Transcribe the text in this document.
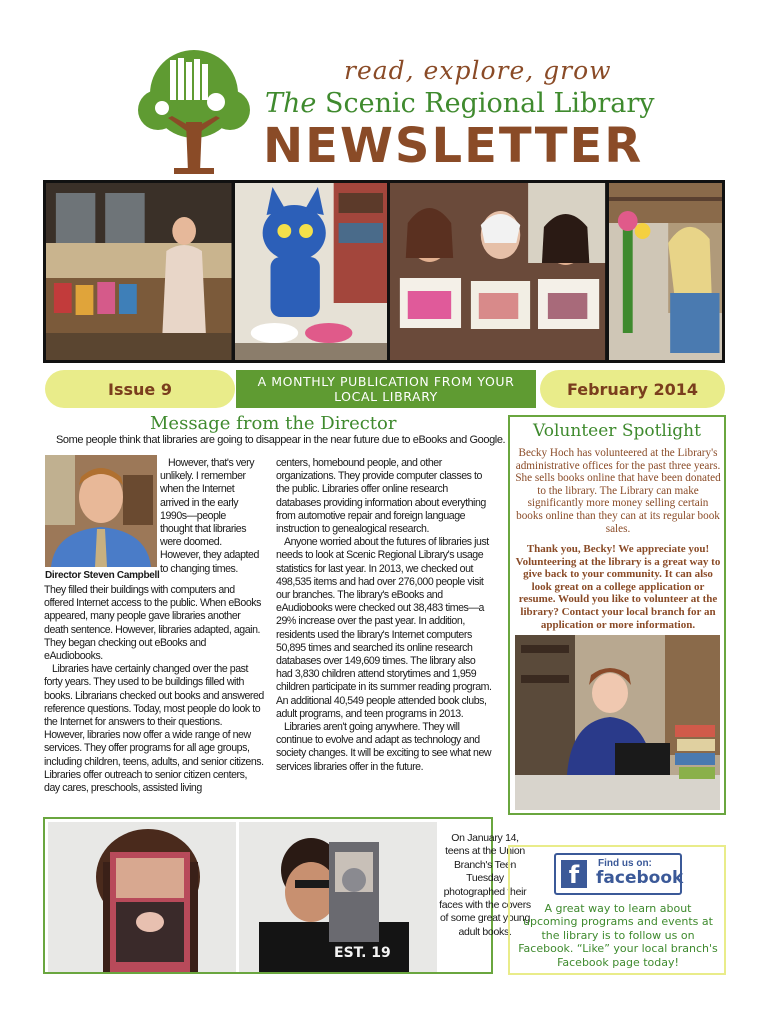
read, explore, grow
The Scenic Regional Library
NEWSLETTER
Issue 9	A MONTHLY PUBLICATION FROM YOUR LOCAL LIBRARY	February 2014
Message from the Director
Some people think that libraries are going to disappear in the near future due to eBooks and Google.
Director Steven Campbell

However, that's very unlikely. I remember when the Internet arrived in the early 1990s—people thought that libraries were doomed. However, they adapted to changing times.

They filled their buildings with computers and offered Internet access to the public. When eBooks appeared, many people gave libraries another death sentence. However, libraries adapted, again. They began checking out eBooks and eAudiobooks.

Libraries have certainly changed over the past forty years. They used to be buildings filled with books. Librarians checked out books and answered reference questions. Today, most people do look to the Internet for answers to their questions. However, libraries now offer a wide range of new services. They offer programs for all age groups, including children, teens, adults, and senior citizens. Libraries offer outreach to senior citizen centers, day cares, preschools, assisted living

centers, homebound people, and other organizations. They provide computer classes to the public. Libraries offer online research databases providing information about everything from automotive repair and foreign language instruction to genealogical research.

Anyone worried about the futures of libraries just needs to look at Scenic Regional Library's usage statistics for last year. In 2013, we checked out 498,535 items and had over 276,000 people visit our branches. The library's eBooks and eAudiobooks were checked out 38,483 times—a 29% increase over the past year. In addition, residents used the library's Internet computers 50,895 times and searched its online research databases over 149,609 times. The library also had 3,830 children attend storytimes and 1,959 children participate in its summer reading program. An additional 40,549 people attended book clubs, adult programs, and teen programs in 2013.

Libraries aren't going anywhere. They will continue to evolve and adapt as technology and society changes. It will be exciting to see what new services libraries offer in the future.

EST. 19
On January 14, teens at the Union Branch's Teen Tuesday photographed their faces with the covers of some great young adult books.
Volunteer Spotlight
Becky Hoch has volunteered at the Library's administrative offices for the past three years. She sells books online that have been donated to the library. The Library can make significantly more money selling certain books online than they can at its regular book sales.
Thank you, Becky! We appreciate you! Volunteering at the library is a great way to give back to your community. It can also look great on a college application or resume. Would you like to volunteer at the library? Contact your local branch for an application or more information.
f	Find us on:
facebook
A great way to learn about upcoming programs and events at the library is to follow us on Facebook. “Like” your local branch's Facebook page today!
